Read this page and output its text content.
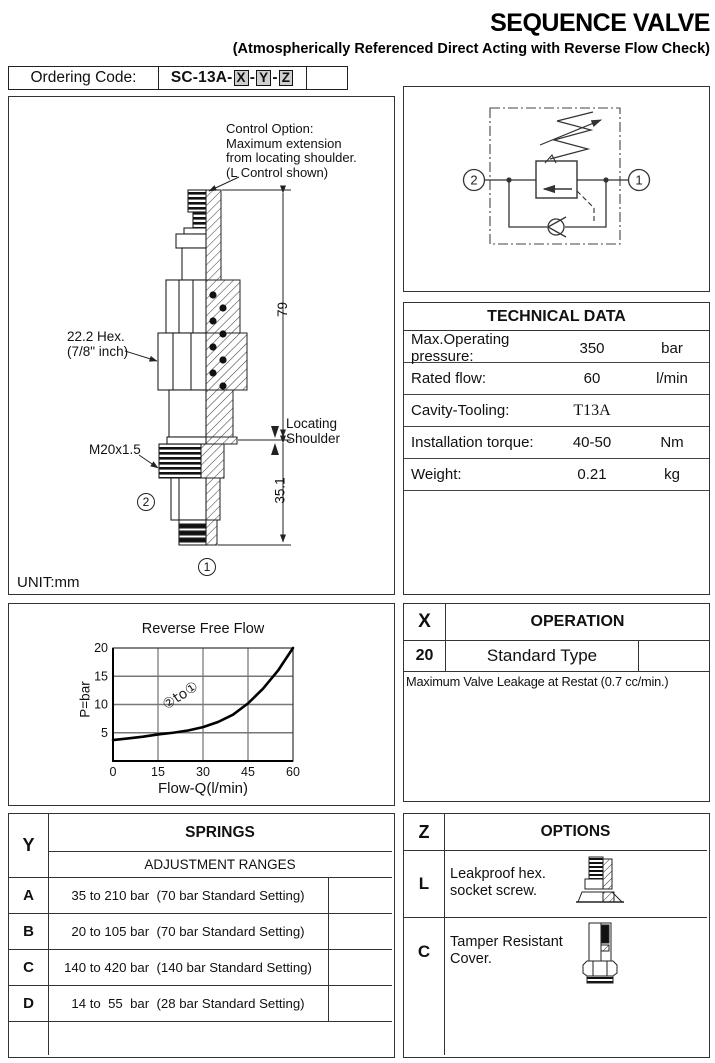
SEQUENCE VALVE
(Atmospherically Referenced Direct Acting with Reverse Flow Check)
Ordering Code:	SC-13A- X - Y - Z
Control Option:
Maximum extension
from locating shoulder.
(L Control shown)
22.2 Hex.
(7/8" inch)
M20x1.5
79
35.1
Locating
Shoulder
2
1
UNIT:mm
2	1
TECHNICAL DATA
Max.Operating pressure:	350	bar
Rated flow:	60	l/min
Cavity-Tooling:	T13A
Installation torque:	40-50	Nm
Weight:	0.21	kg
Reverse Free Flow
P=bar
Flow-Q(l/min)
②to①
0	15 30 45 60
5
10
15
20
X	OPERATION
20	Standard Type
Maximum Valve Leakage at Restat (0.7 cc/min.)
Y
SPRINGS
ADJUSTMENT RANGES
A	35 to 210 bar  (70 bar Standard Setting)
B	20 to 105 bar  (70 bar Standard Setting)
C	140 to 420 bar  (140 bar Standard Setting)
D	14 to  55  bar  (28 bar Standard Setting)
Z	OPTIONS
L	Leakproof hex.
socket screw.
C	Tamper Resistant
Cover.
